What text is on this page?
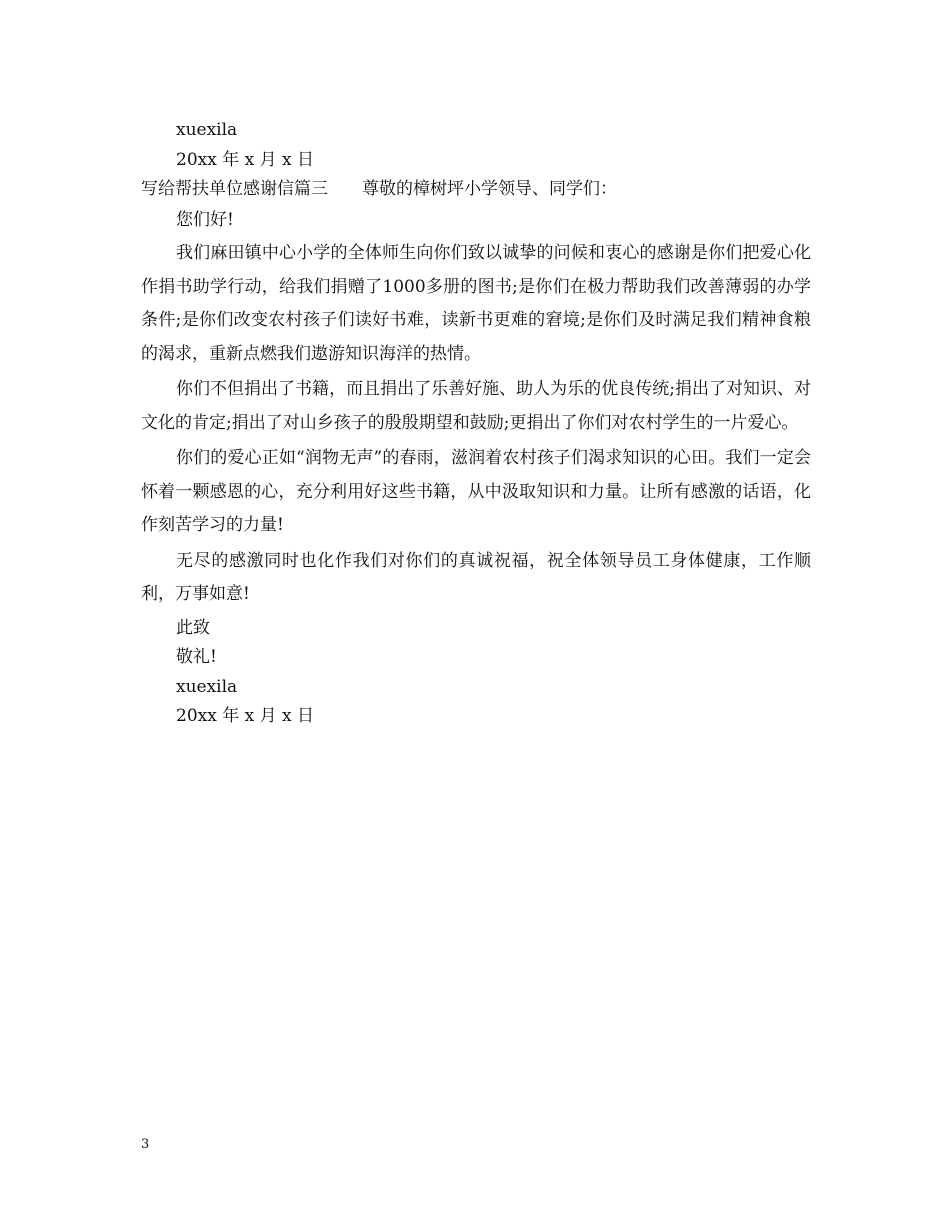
xuexila
20xx 年 x 月 x 日
写给帮扶单位感谢信篇三 尊敬的樟树坪小学领导、同学们：
您们好!

我们麻田镇中心小学的全体师生向你们致以诚挚的问候和衷心的感谢是你们把爱心化作捐书助学行动，给我们捐赠了1000多册的图书;是你们在极力帮助我们改善薄弱的办学条件;是你们改变农村孩子们读好书难，读新书更难的窘境;是你们及时满足我们精神食粮的渴求，重新点燃我们遨游知识海洋的热情。

你们不但捐出了书籍，而且捐出了乐善好施、助人为乐的优良传统;捐出了对知识、对文化的肯定;捐出了对山乡孩子的殷殷期望和鼓励;更捐出了你们对农村学生的一片爱心。

你们的爱心正如“润物无声”的春雨，滋润着农村孩子们渴求知识的心田。我们一定会怀着一颗感恩的心，充分利用好这些书籍，从中汲取知识和力量。让所有感激的话语，化作刻苦学习的力量!

无尽的感激同时也化作我们对你们的真诚祝福，祝全体领导员工身体健康，工作顺利，万事如意!

此致
敬礼!
xuexila
20xx 年 x 月 x 日
3
